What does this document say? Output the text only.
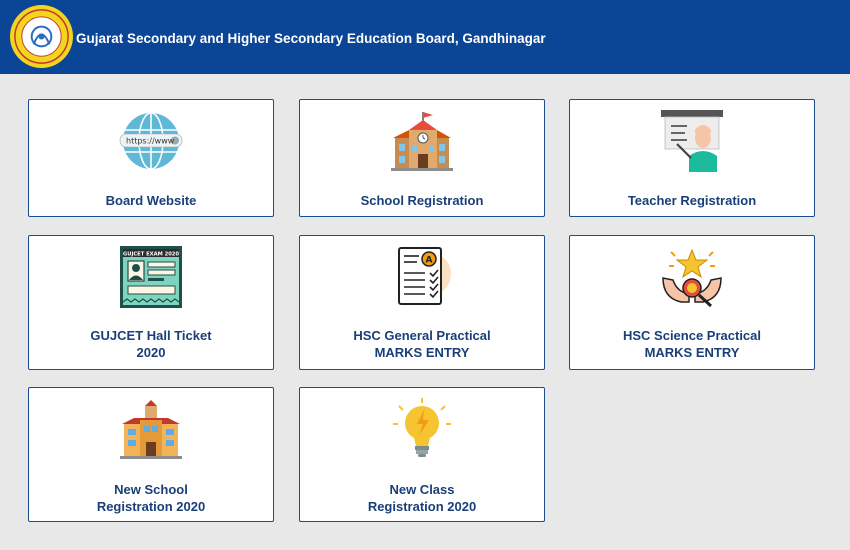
Gujarat Secondary and Higher Secondary Education Board, Gandhinagar
https://www
Board Website	School Registration	Teacher Registration
GUJCET EXAM 2020
GUJCET Hall Ticket
2020
A
HSC General Practical
MARKS ENTRY
HSC Science Practical
MARKS ENTRY
New School
Registration 2020
New Class
Registration 2020
